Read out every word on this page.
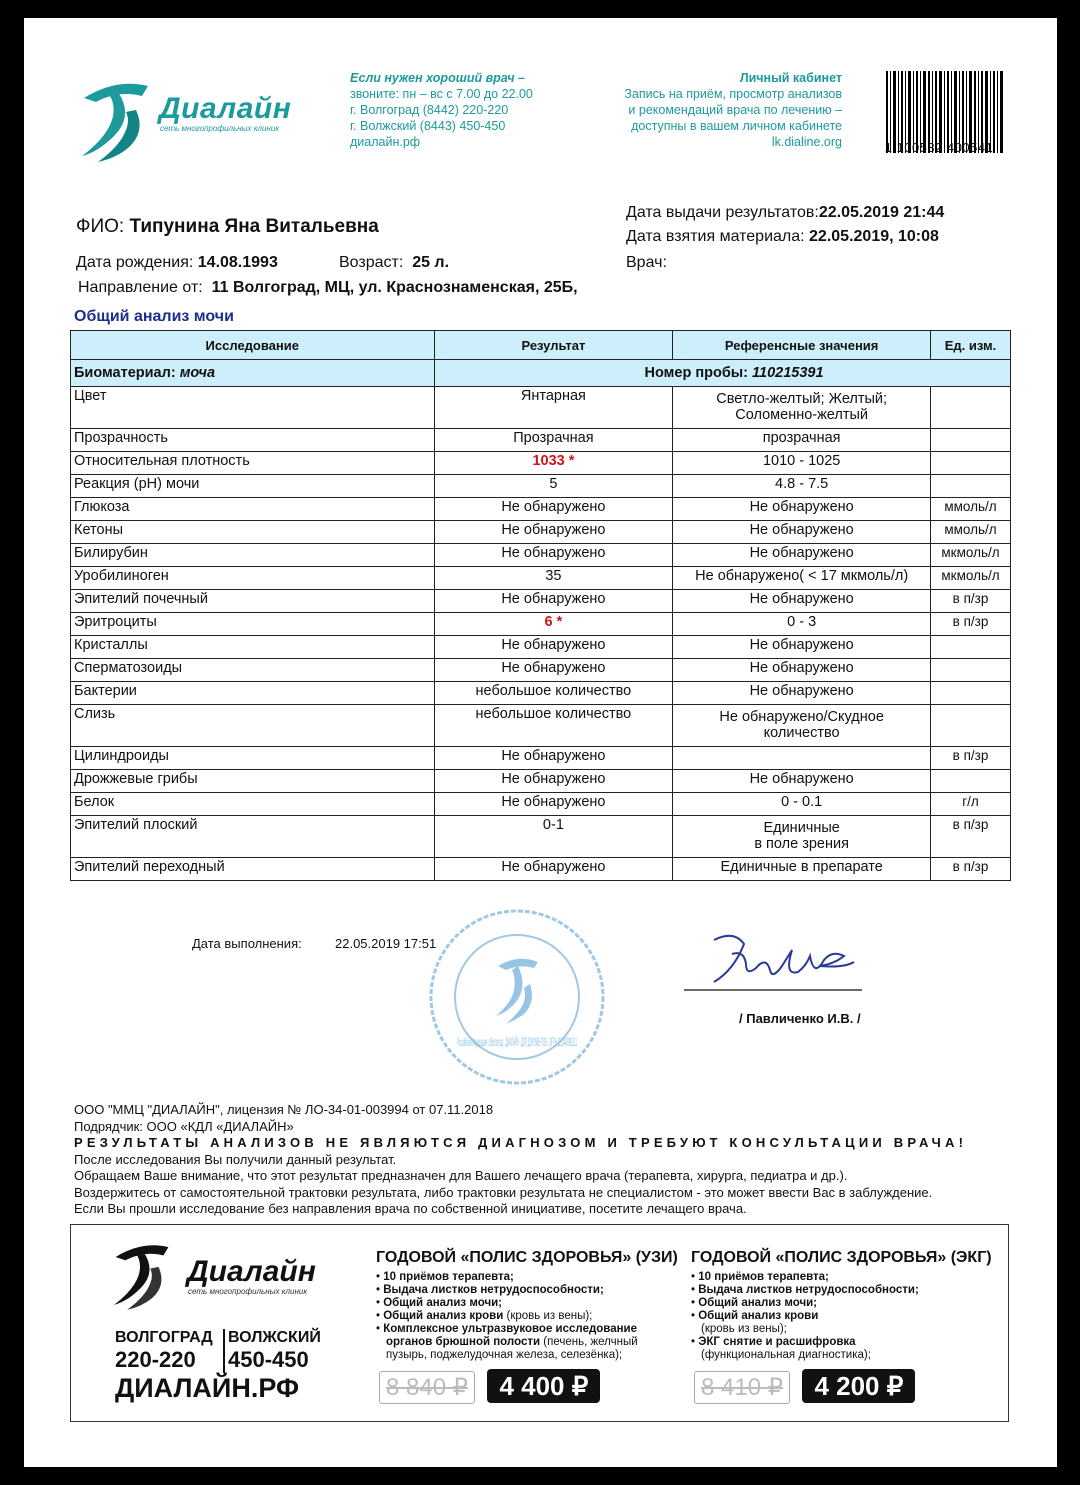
Диалайн
сеть многопрофильных клиник
Если нужен хороший врач –
звоните: пн – вс с 7.00 до 22.00
г. Волгоград (8442) 220-220
г. Волжский (8443) 450-450
диалайн.рф
Личный кабинет
Запись на приём, просмотр анализов
и рекомендаций врача по лечению –
доступны в вашем личном кабинете
lk.dialine.org	1 100532 400541
ФИО: Типунина Яна Витальевна
Дата выдачи результатов:22.05.2019 21:44
Дата взятия материала: 22.05.2019, 10:08
Дата рождения: 14.08.1993	Возраст: 25 л.	Врач:
Направление от: 11 Волгоград, МЦ, ул. Краснознаменская, 25Б,
Общий анализ мочи
Исследование	Результат	Референсные значения	Ед. изм.
Биоматериал: моча	Номер пробы: 110215391		
Цвет	Янтарная	Светло-желтый; Желтый;
Соломенно-желтый	

Прозрачность	Прозрачная	прозрачная	
Относительная плотность	1033 *	1010 - 1025	
Реакция (pH) мочи	5	4.8 - 7.5	
Глюкоза	Не обнаружено	Не обнаружено	ммоль/л
Кетоны	Не обнаружено	Не обнаружено	ммоль/л
Билирубин	Не обнаружено	Не обнаружено	мкмоль/л
Уробилиноген	35	Не обнаружено( < 17 мкмоль/л)	мкмоль/л
Эпителий почечный	Не обнаружено	Не обнаружено	в п/зр
Эритроциты	6 *	0 - 3	в п/зр
Кристаллы	Не обнаружено	Не обнаружено	
Сперматозоиды	Не обнаружено	Не обнаружено	
Бактерии	небольшое количество	Не обнаружено	
Слизь	небольшое количество	Не обнаружено/Скудное
количество	

Цилиндроиды	Не обнаружено		в п/зр
Дрожжевые грибы	Не обнаружено	Не обнаружено	
Белок	Не обнаружено	0 - 0.1	г/л
Эпителий плоский	0-1	Единичные
в поле зрения	в п/зр
Эпителий переходный	Не обнаружено	Единичные в препарате	в п/зр
Дата выполнения:	22.05.2019 17:51
Российская Федерация г. Волгоград · ДИАЛАЙН · ДЛЯ ДОКУМЕНТОВ · ОГРН 1113443001611
/ Павличенко И.В. /
ООО "ММЦ "ДИАЛАЙН", лицензия № ЛО-34-01-003994 от 07.11.2018
Подрядчик: ООО «КДЛ «ДИАЛАЙН»
РЕЗУЛЬТАТЫ АНАЛИЗОВ НЕ ЯВЛЯЮТСЯ ДИАГНОЗОМ И ТРЕБУЮТ КОНСУЛЬТАЦИИ ВРАЧА!
После исследования Вы получили данный результат.
Обращаем Ваше внимание, что этот результат предназначен для Вашего лечащего врача (терапевта, хирурга, педиатра и др.).
Воздержитесь от самостоятельной трактовки результата, либо трактовки результата не специалистом - это может ввести Вас в заблуждение.
Если Вы прошли исследование без направления врача по собственной инициативе, посетите лечащего врача.
Диалайн
сеть многопрофильных клиник
ВОЛГОГРАД
220-220
ВОЛЖСКИЙ
450-450
ДИАЛАЙН.РФ
ГОДОВОЙ «ПОЛИС ЗДОРОВЬЯ» (УЗИ)
• 10 приёмов терапевта;
• Выдача листков нетрудоспособности;
• Общий анализ мочи;
• Общий анализ крови (кровь из вены);
• Комплексное ультразвуковое исследование
органов брюшной полости (печень, желчный
пузырь, поджелудочная железа, селезёнка);
8 840 ₽ 4 400 ₽
ГОДОВОЙ «ПОЛИС ЗДОРОВЬЯ» (ЭКГ)
• 10 приёмов терапевта;
• Выдача листков нетрудоспособности;
• Общий анализ мочи;
• Общий анализ крови
(кровь из вены);
• ЭКГ снятие и расшифровка
(функциональная диагностика);
8 410 ₽ 4 200 ₽
